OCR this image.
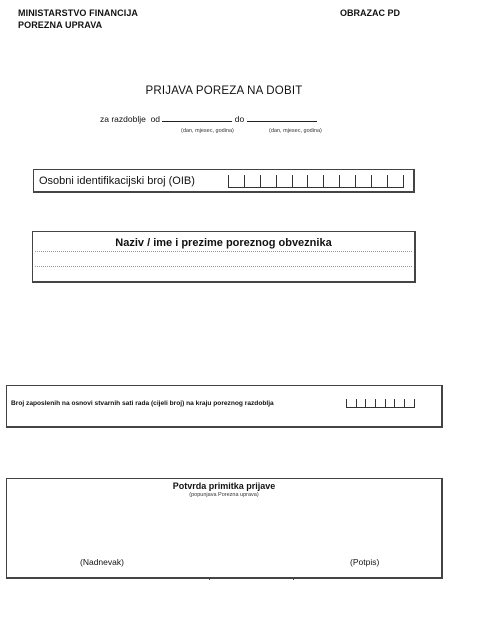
MINISTARSTVO FINANCIJA
POREZNA UPRAVA
OBRAZAC PD
PRIJAVA POREZA NA DOBIT
za razdoblje od	do
(dan, mjesec, godina)	(dan, mjesec, godina)
Osobni identifikacijski broj (OIB)
Naziv / ime i prezime poreznog obveznika
Broj zaposlenih na osnovi stvarnih sati rada (cijeli broj) na kraju poreznog razdoblja
Potvrda primitka prijave
(popunjava Porezna uprava)
(Nadnevak)	(Potpis)
